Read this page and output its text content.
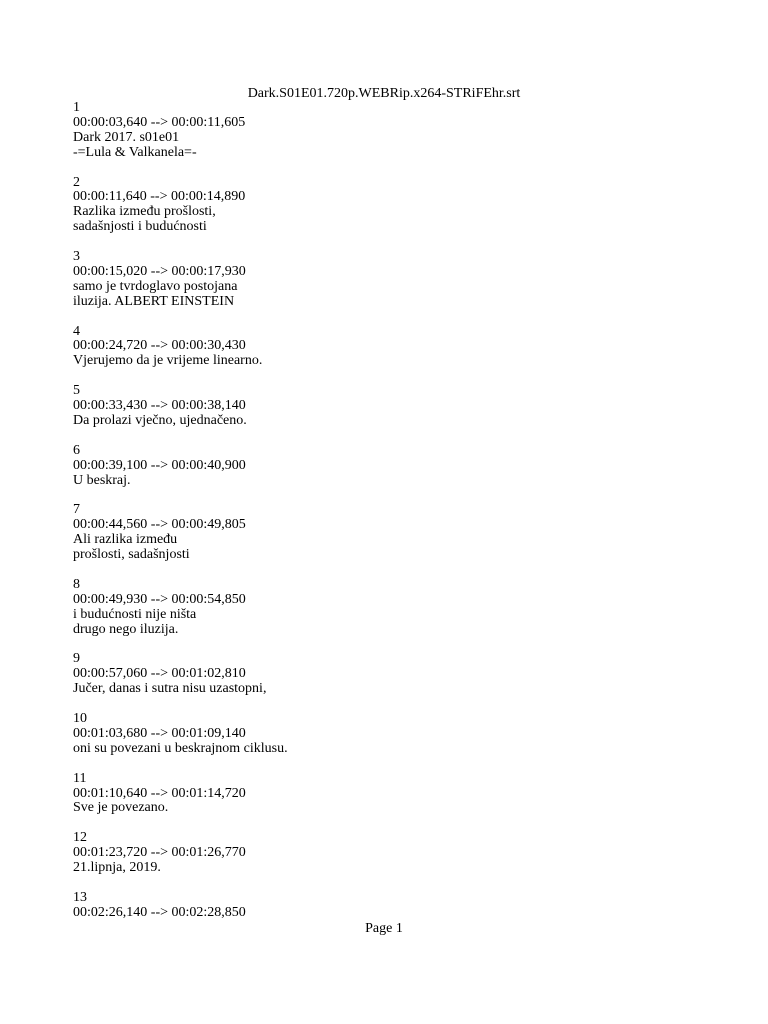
Dark.S01E01.720p.WEBRip.x264-STRiFEhr.srt
1
00:00:03,640 --> 00:00:11,605
Dark 2017. s01e01
-=Lula & Valkanela=-
2
00:00:11,640 --> 00:00:14,890
Razlika između prošlosti,
sadašnjosti i budućnosti
3
00:00:15,020 --> 00:00:17,930
samo je tvrdoglavo postojana
iluzija. ALBERT EINSTEIN
4
00:00:24,720 --> 00:00:30,430
Vjerujemo da je vrijeme linearno.
5
00:00:33,430 --> 00:00:38,140
Da prolazi vječno, ujednačeno.
6
00:00:39,100 --> 00:00:40,900
U beskraj.
7
00:00:44,560 --> 00:00:49,805
Ali razlika između
prošlosti, sadašnjosti
8
00:00:49,930 --> 00:00:54,850
i budućnosti nije ništa
drugo nego iluzija.
9
00:00:57,060 --> 00:01:02,810
Jučer, danas i sutra nisu uzastopni,
10
00:01:03,680 --> 00:01:09,140
oni su povezani u beskrajnom ciklusu.
11
00:01:10,640 --> 00:01:14,720
Sve je povezano.
12
00:01:23,720 --> 00:01:26,770
21.lipnja, 2019.
13
00:02:26,140 --> 00:02:28,850
Page 1
